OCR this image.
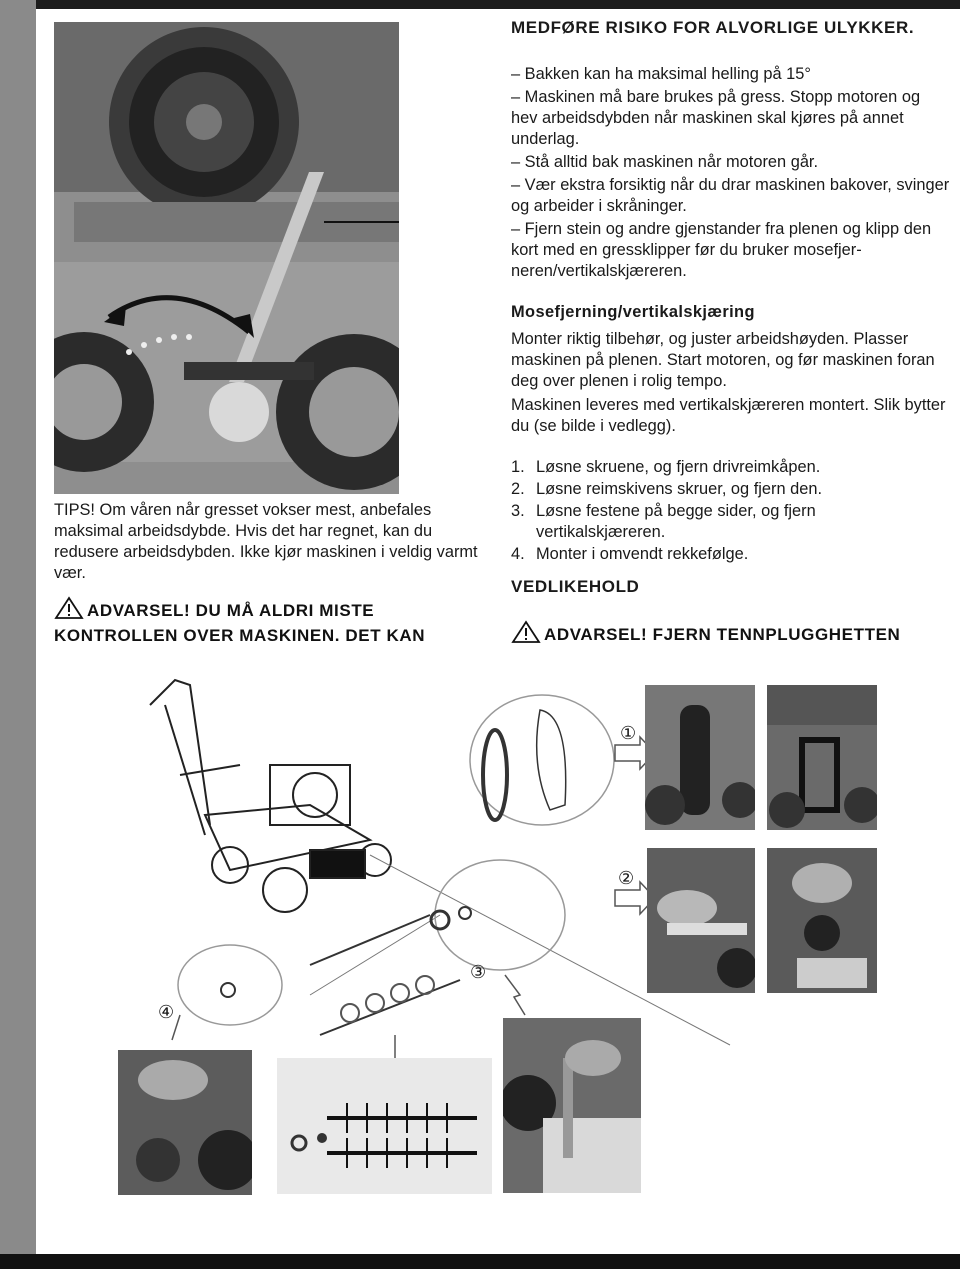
MEDFØRE RISIKO FOR ALVORLIGE ULYKKER.

– Bakken kan ha maksimal helling på 15°
– Maskinen må bare brukes på gress. Stopp motoren og hev arbeidsdybden når maskinen skal kjøres på annet underlag.
– Stå alltid bak maskinen når motoren går.
– Vær ekstra forsiktig når du drar maskinen bakover, svinger og arbeider i skråninger.
– Fjern stein og andre gjenstander fra plenen og klipp den kort med en gressklipper før du bruker mosefjer-neren/vertikalskjæreren.

Mosefjerning/vertikalskjæring

Monter riktig tilbehør, og juster arbeidshøyden. Plasser maskinen på plenen. Start motoren, og før maskinen foran deg over plenen i rolig tempo.

Maskinen leveres med vertikalskjæreren montert. Slik bytter du (se bilde i vedlegg).

1. Løsne skruene, og fjern drivreimkåpen.
2. Løsne reimskivens skruer, og fjern den.
3. Løsne festene på begge sider, og fjern
vertikalskjæreren.
4. Monter i omvendt rekkefølge.

VEDLIKEHOLD

ADVARSEL! FJERN TENNPLUGGHETTEN

TIPS! Om våren når gresset vokser mest, anbefales maksimal arbeidsdybde. Hvis det har regnet, kan du redusere arbeidsdybden. Ikke kjør maskinen i veldig varmt vær.

ADVARSEL! DU MÅ ALDRI MISTE KONTROLLEN OVER MASKINEN. DET KAN

①
②
③
④
